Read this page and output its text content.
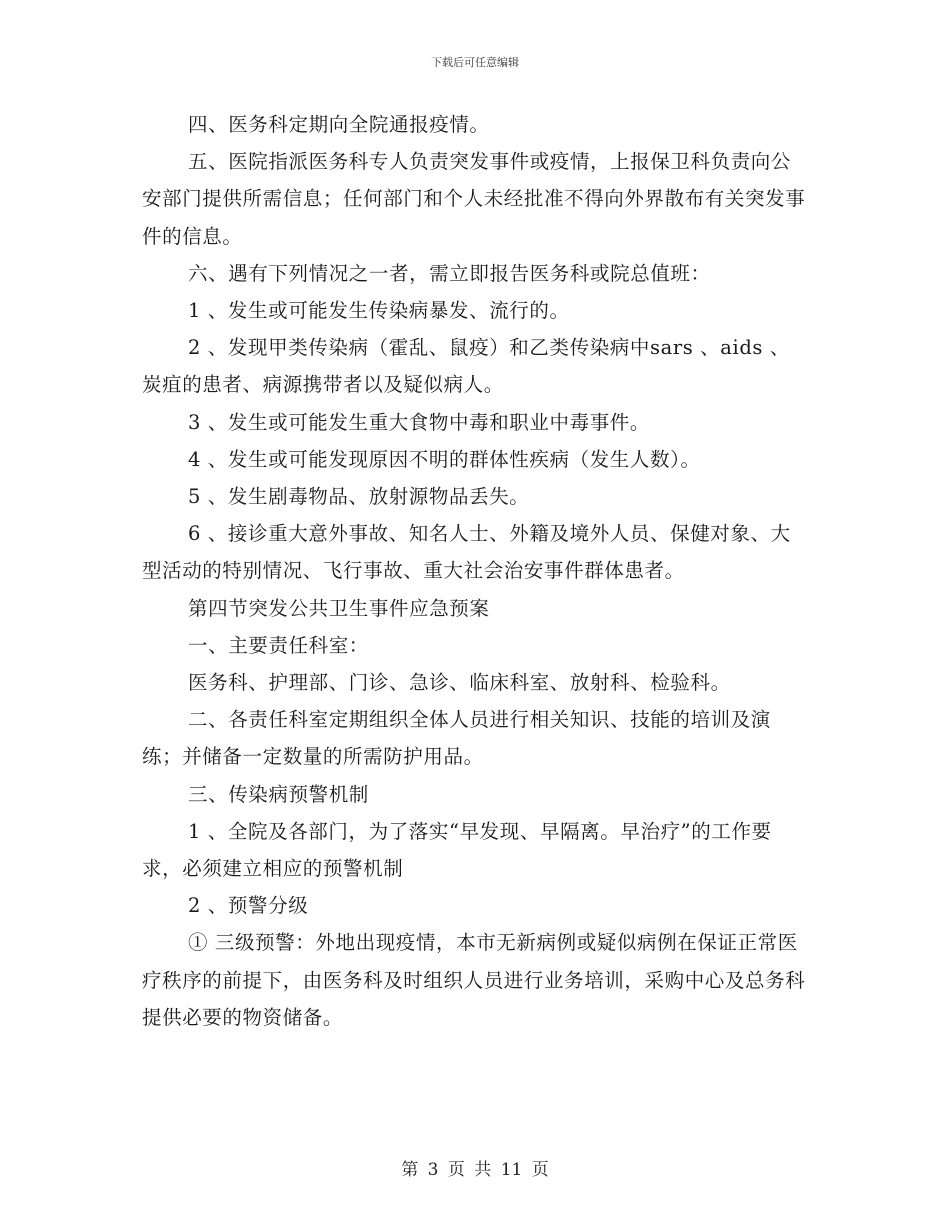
下载后可任意编辑

四、医务科定期向全院通报疫情。

五、医院指派医务科专人负责突发事件或疫情，上报保卫科负责向公安部门提供所需信息；任何部门和个人未经批准不得向外界散布有关突发事件的信息。

六、遇有下列情况之一者，需立即报告医务科或院总值班：

1 、发生或可能发生传染病暴发、流行的。

2 、发现甲类传染病（霍乱、鼠疫）和乙类传染病中sars 、aids 、炭疽的患者、病源携带者以及疑似病人。

3 、发生或可能发生重大食物中毒和职业中毒事件。

4 、发生或可能发现原因不明的群体性疾病（发生人数）。

5 、发生剧毒物品、放射源物品丢失。

6 、接诊重大意外事故、知名人士、外籍及境外人员、保健对象、大型活动的特别情况、飞行事故、重大社会治安事件群体患者。

第四节突发公共卫生事件应急预案

一、主要责任科室：

医务科、护理部、门诊、急诊、临床科室、放射科、检验科。

二、各责任科室定期组织全体人员进行相关知识、技能的培训及演练；并储备一定数量的所需防护用品。

三、传染病预警机制

1 、全院及各部门，为了落实“早发现、早隔离。早治疗”的工作要求，必须建立相应的预警机制

2 、预警分级

① 三级预警：外地出现疫情，本市无新病例或疑似病例在保证正常医疗秩序的前提下，由医务科及时组织人员进行业务培训，采购中心及总务科提供必要的物资储备。

第 3 页 共 11 页
